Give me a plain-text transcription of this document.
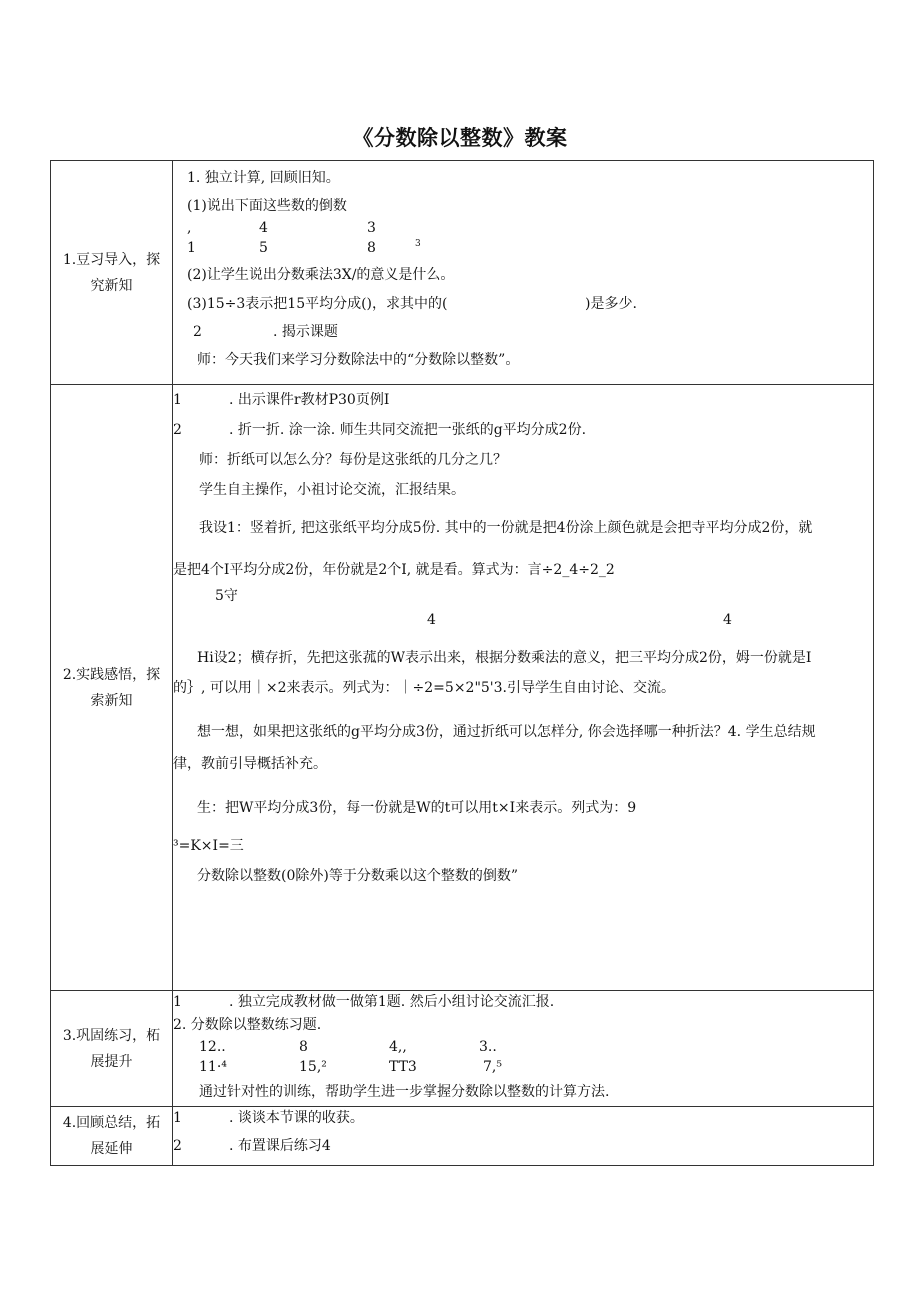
《分数除以整数》教案
1.豆习导入，探究新知
1. 独立计算, 回顾旧知。
(1)说出下面这些数的倒数
,	4	3
1	5	8	3
(2)让学生说出分数乘法3X∕的意义是什么。
(3)15÷3表示把15平均分成()，求其中的(	)是多少.
2	. 揭示课题
师：今天我们来学习分数除法中的“分数除以整数”。
2.实践感悟，探索新知
1	. 出示课件r教材P30页例I
2	. 折一折. 涂一涂. 师生共同交流把一张纸的g平均分成2份.
师：折纸可以怎么分？每份是这张纸的几分之几？
学生自主操作，小祖讨论交流，汇报结果。
我设1：竖着折, 把这张纸平均分成5份. 其中的一份就是把4份涂上颜色就是会把寺平均分成2份，就
是把4个I平均分成2份，年份就是2个I, 就是看。算式为：言÷2_4÷2_2
5守
4	4
Hi设2；横存折，先把这张菰的W表示出来，根据分数乘法的意义，把三平均分成2份，姆一份就是I
的｝, 可以用｜×2来表示。列式为：｜÷2=5×2"5'3.引导学生自由讨论、交流。
想一想，如果把这张纸的g平均分成3份，通过折纸可以怎样分, 你会选择哪一种折法？4. 学生总结规
律，教前引导概括补充。
生：把W平均分成3份，每一份就是W的t可以用t×I来表示。列式为：9
³=K×I=三
分数除以整数(0除外)等于分数乘以这个整数的倒数”
3.巩固练习，柘展提升
1	. 独立完成教材做一做第1题. 然后小组讨论交流汇报.
2. 分数除以整数练习题.
12..	8	4,,	3..
11·⁴	15,²	TT3	7,⁵
通过针对性的训练，帮助学生进一步掌握分数除以整数的计算方法.
4.回顾总结，拓展延伸
1	. 谈谈本节课的收获。
2	. 布置课后练习4
